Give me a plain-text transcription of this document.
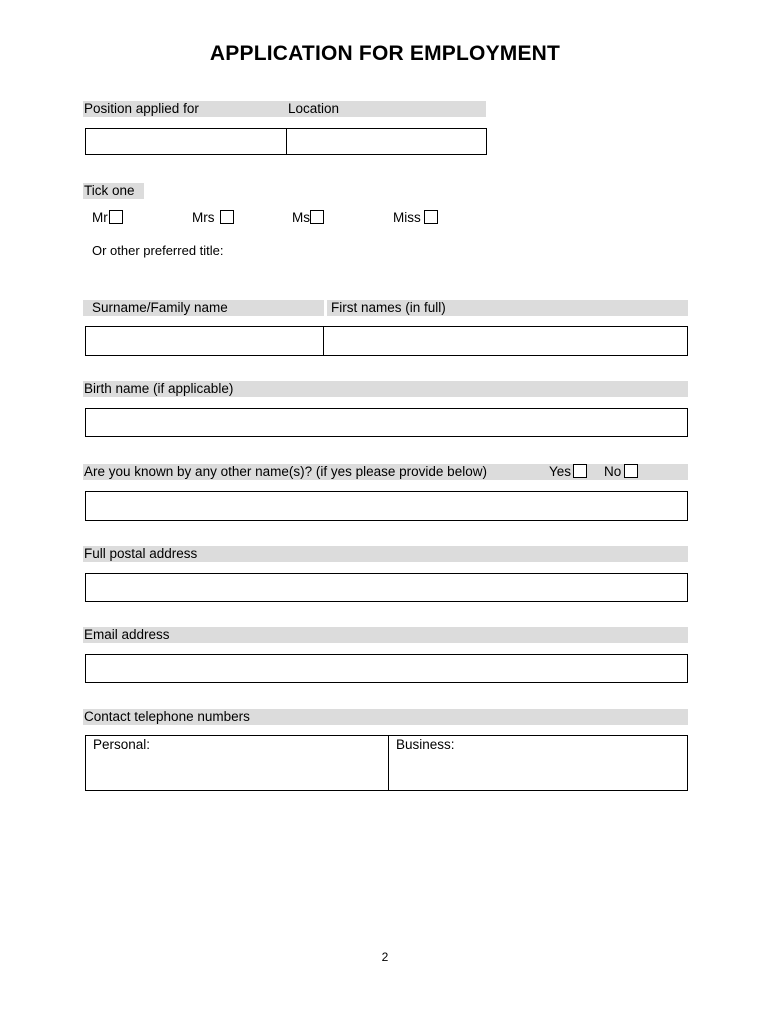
APPLICATION FOR EMPLOYMENT
Position applied for	Location
Tick one
Mr	Mrs	Ms	Miss
Or other preferred title:
Surname/Family name	First names (in full)
Birth name (if applicable)
Are you known by any other name(s)? (if yes please provide below)	Yes	No
Full postal address
Email address
Contact telephone numbers
Personal:	Business:
2
